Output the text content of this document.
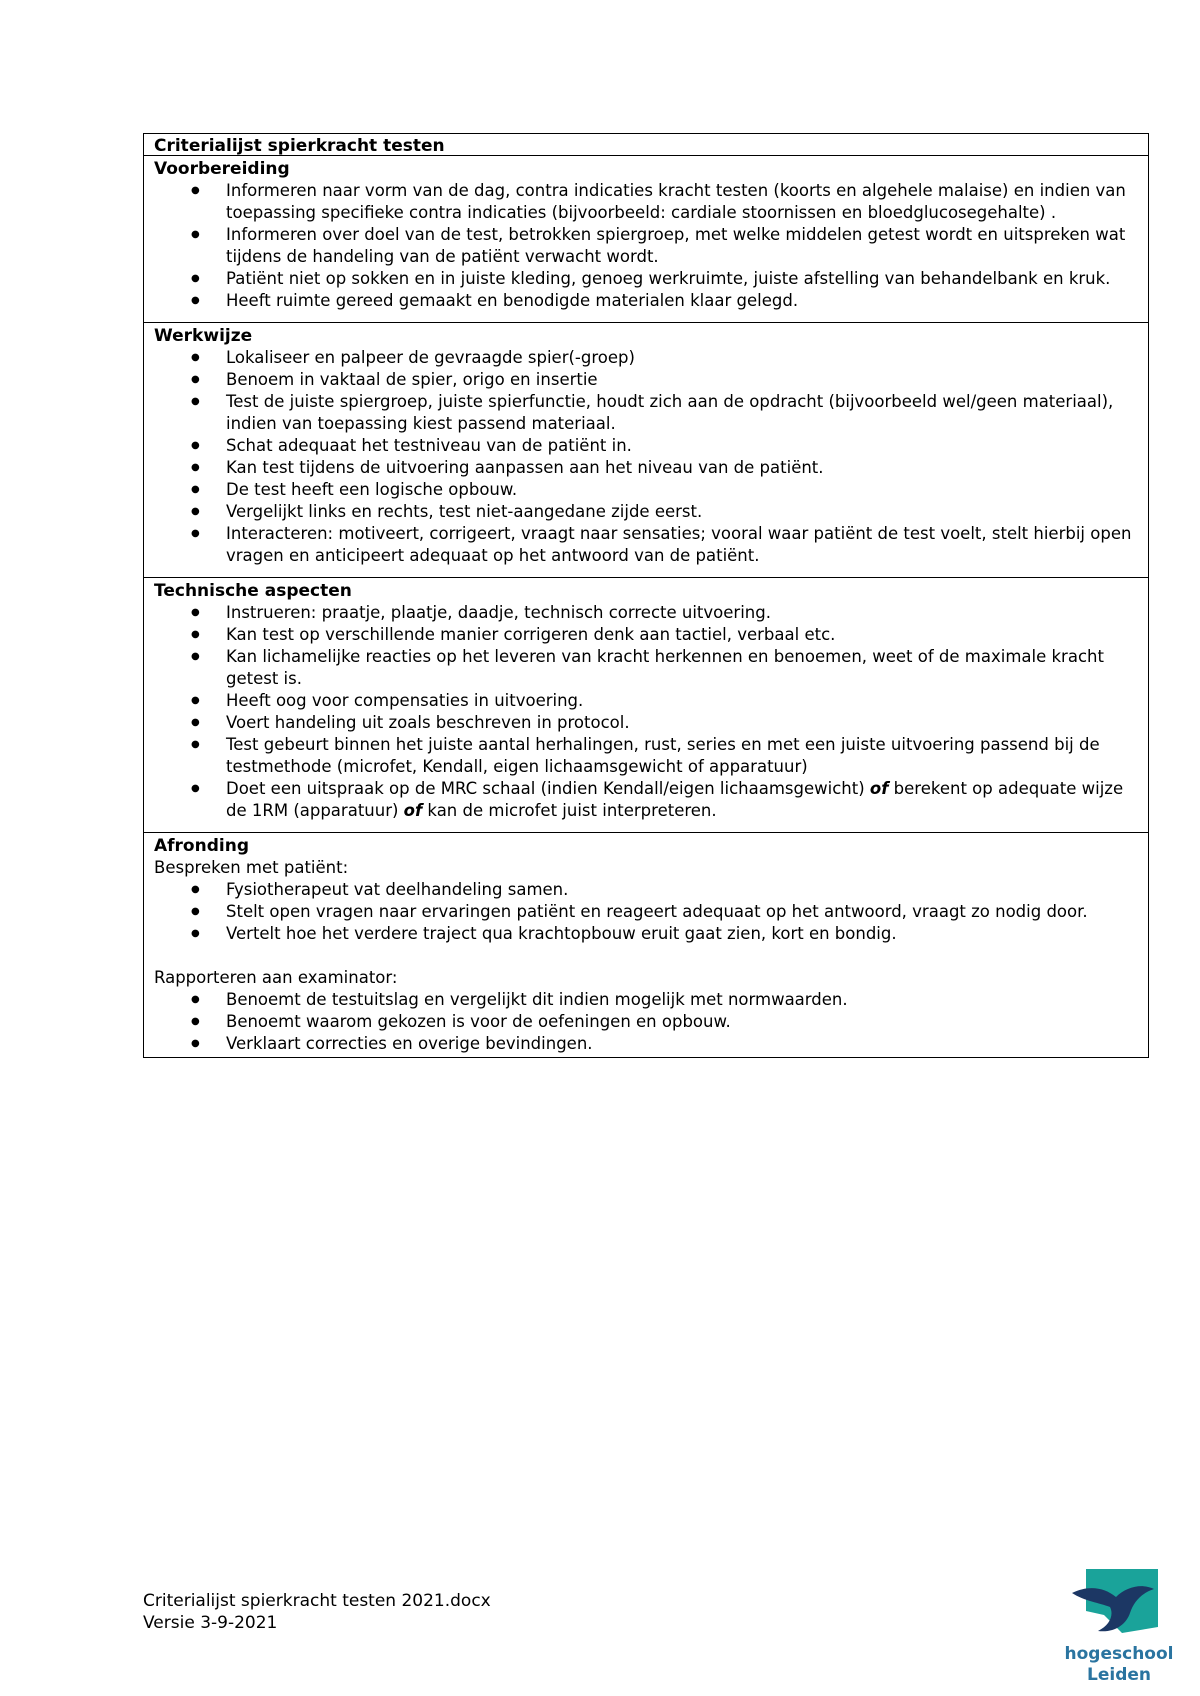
Criterialijst spierkracht testen
Voorbereiding
● Informeren naar vorm van de dag, contra indicaties kracht testen (koorts en algehele malaise) en indien van toepassing specifieke contra indicaties (bijvoorbeeld: cardiale stoornissen en bloedglucosegehalte) .
● Informeren over doel van de test, betrokken spiergroep, met welke middelen getest wordt en uitspreken wat tijdens de handeling van de patiënt verwacht wordt.
● Patiënt niet op sokken en in juiste kleding, genoeg werkruimte, juiste afstelling van behandelbank en kruk.
● Heeft ruimte gereed gemaakt en benodigde materialen klaar gelegd.
Werkwijze
● Lokaliseer en palpeer de gevraagde spier(-groep)
● Benoem in vaktaal de spier, origo en insertie
● Test de juiste spiergroep, juiste spierfunctie, houdt zich aan de opdracht (bijvoorbeeld wel/geen materiaal), indien van toepassing kiest passend materiaal.
● Schat adequaat het testniveau van de patiënt in.
● Kan test tijdens de uitvoering aanpassen aan het niveau van de patiënt.
● De test heeft een logische opbouw.
● Vergelijkt links en rechts, test niet-aangedane zijde eerst.
● Interacteren: motiveert, corrigeert, vraagt naar sensaties; vooral waar patiënt de test voelt, stelt hierbij open vragen en anticipeert adequaat op het antwoord van de patiënt.
Technische aspecten
● Instrueren: praatje, plaatje, daadje, technisch correcte uitvoering.
● Kan test op verschillende manier corrigeren denk aan tactiel, verbaal etc.
● Kan lichamelijke reacties op het leveren van kracht herkennen en benoemen, weet of de maximale kracht getest is.
● Heeft oog voor compensaties in uitvoering.
● Voert handeling uit zoals beschreven in protocol.
● Test gebeurt binnen het juiste aantal herhalingen, rust, series en met een juiste uitvoering passend bij de testmethode (microfet, Kendall, eigen lichaamsgewicht of apparatuur)
● Doet een uitspraak op de MRC schaal (indien Kendall/eigen lichaamsgewicht) of berekent op adequate wijze de 1RM (apparatuur) of kan de microfet juist interpreteren.
Afronding
Bespreken met patiënt:
● Fysiotherapeut vat deelhandeling samen.
● Stelt open vragen naar ervaringen patiënt en reageert adequaat op het antwoord, vraagt zo nodig door.
● Vertelt hoe het verdere traject qua krachtopbouw eruit gaat zien, kort en bondig.
Rapporteren aan examinator:
● Benoemt de testuitslag en vergelijkt dit indien mogelijk met normwaarden.
● Benoemt waarom gekozen is voor de oefeningen en opbouw.
● Verklaart correcties en overige bevindingen.
Criterialijst spierkracht testen 2021.docx
Versie 3-9-2021
hogeschool
Leiden
